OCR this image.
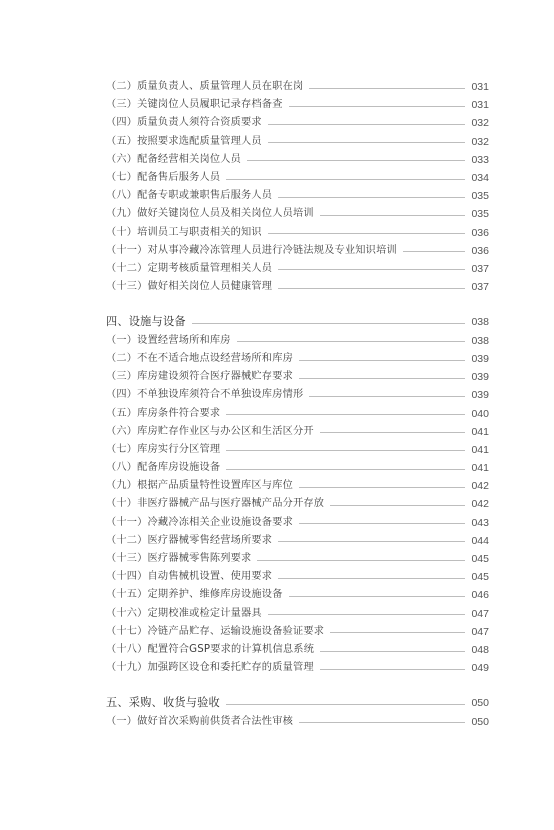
（二）质量负责人、质量管理人员在职在岗	031
（三）关键岗位人员履职记录存档备查	031
（四）质量负责人须符合资质要求	032
（五）按照要求选配质量管理人员	032
（六）配备经营相关岗位人员	033
（七）配备售后服务人员	034
（八）配备专职或兼职售后服务人员	035
（九）做好关键岗位人员及相关岗位人员培训	035
（十）培训员工与职责相关的知识	036
（十一）对从事冷藏冷冻管理人员进行冷链法规及专业知识培训	036
（十二）定期考核质量管理相关人员	037
（十三）做好相关岗位人员健康管理	037
四、设施与设备	038
（一）设置经营场所和库房	038
（二）不在不适合地点设经营场所和库房	039
（三）库房建设须符合医疗器械贮存要求	039
（四）不单独设库须符合不单独设库房情形	039
（五）库房条件符合要求	040
（六）库房贮存作业区与办公区和生活区分开	041
（七）库房实行分区管理	041
（八）配备库房设施设备	041
（九）根据产品质量特性设置库区与库位	042
（十）非医疗器械产品与医疗器械产品分开存放	042
（十一）冷藏冷冻相关企业设施设备要求	043
（十二）医疗器械零售经营场所要求	044
（十三）医疗器械零售陈列要求	045
（十四）自动售械机设置、使用要求	045
（十五）定期养护、维修库房设施设备	046
（十六）定期校准或检定计量器具	047
（十七）冷链产品贮存、运输设施设备验证要求	047
（十八）配置符合GSP要求的计算机信息系统	048
（十九）加强跨区设仓和委托贮存的质量管理	049
五、采购、收货与验收	050
（一）做好首次采购前供货者合法性审核	050
